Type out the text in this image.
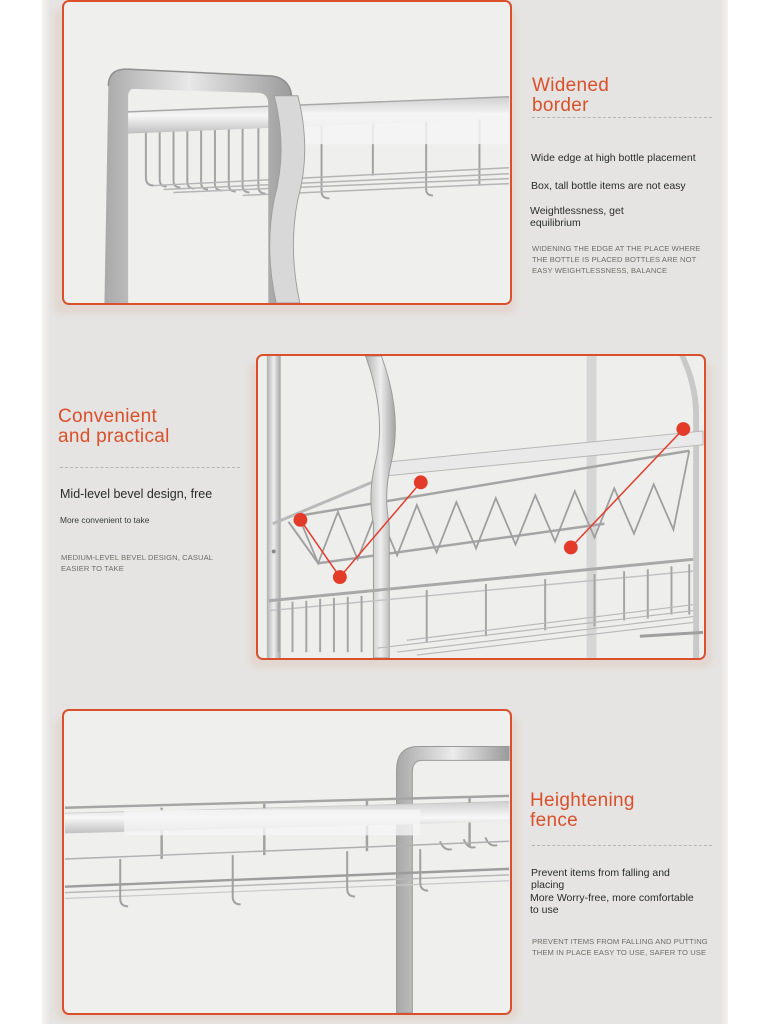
Widened
border
Wide edge at high bottle placement
Box, tall bottle items are not easy
Weightlessness, get equilibrium
WIDENING THE EDGE AT THE PLACE WHERE THE BOTTLE IS PLACED BOTTLES ARE NOT EASY WEIGHTLESSNESS, BALANCE
Convenient
and practical
Mid-level bevel design, free
More convenient to take
MEDIUM-LEVEL BEVEL DESIGN, CASUAL EASIER TO TAKE
Heightening
fence
Prevent items from falling and placing
More Worry-free, more comfortable to use
PREVENT ITEMS FROM FALLING AND PUTTING THEM IN PLACE EASY TO USE, SAFER TO USE
